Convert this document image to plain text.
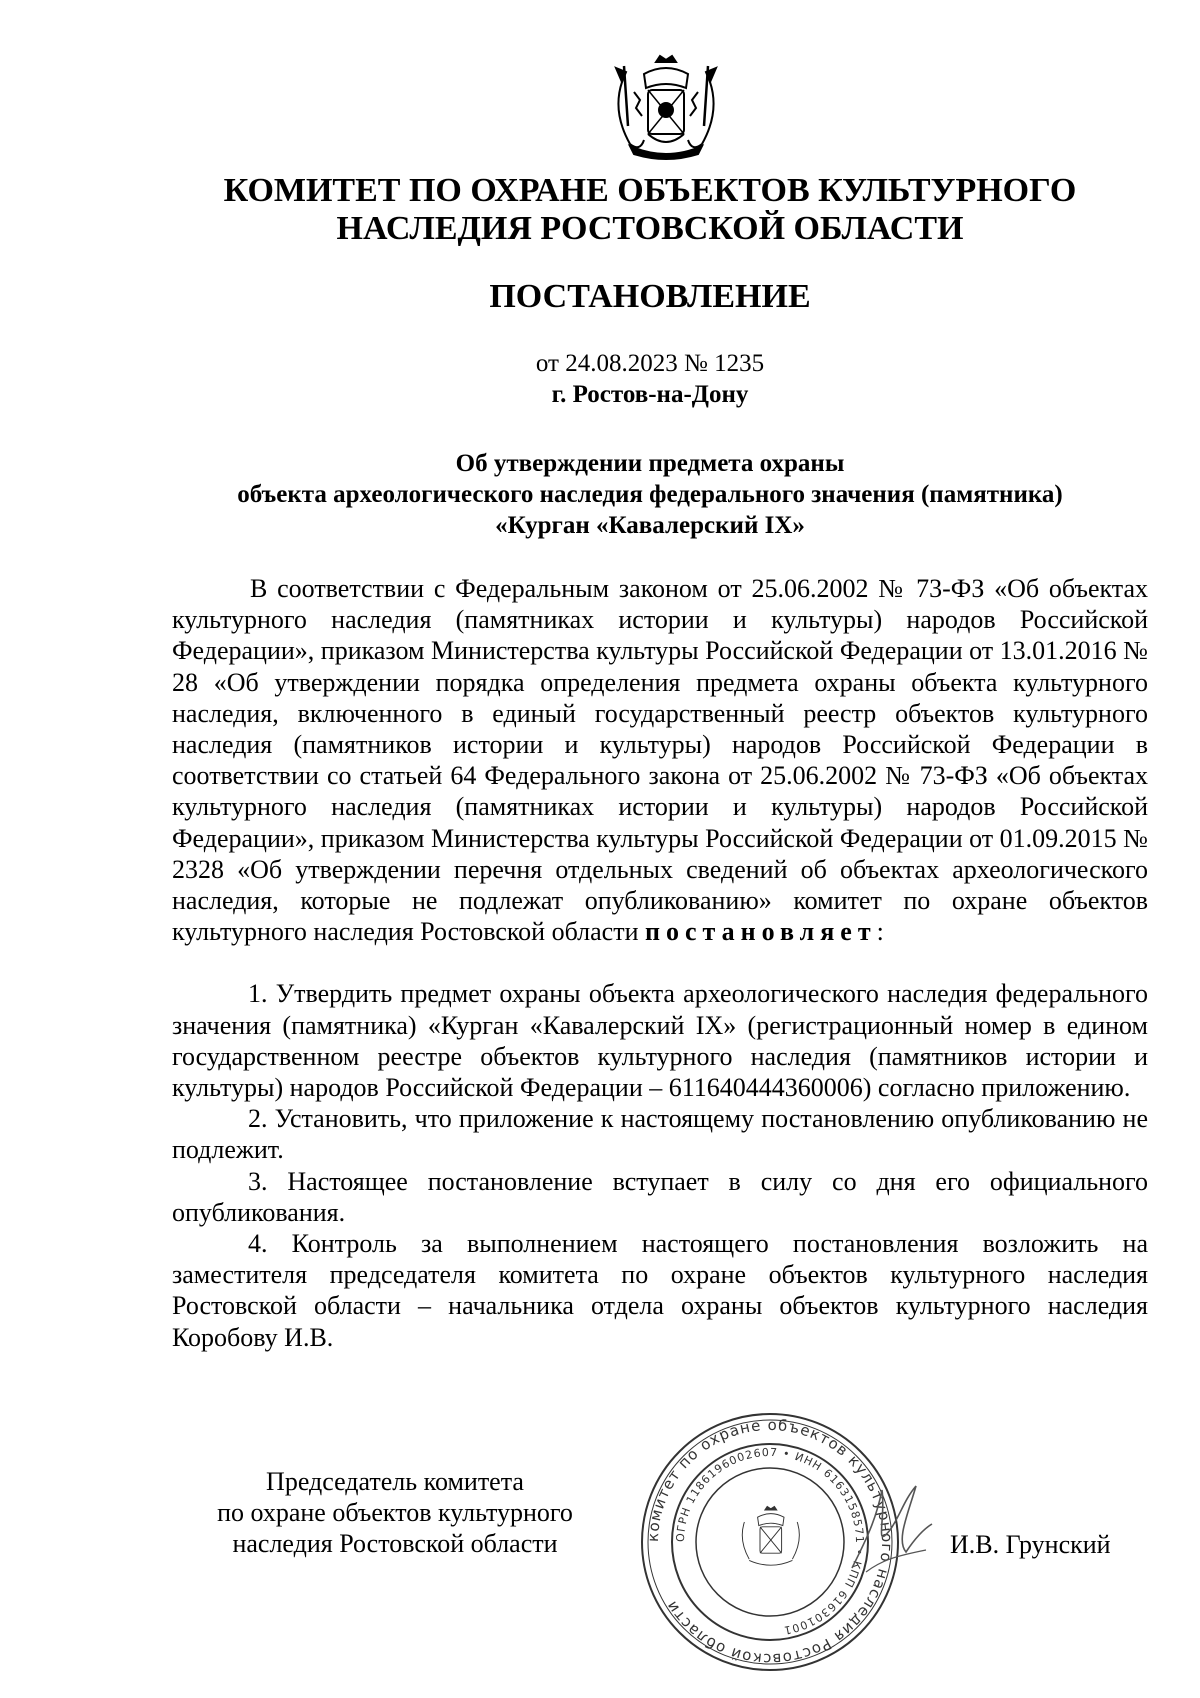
КОМИТЕТ ПО ОХРАНЕ ОБЪЕКТОВ КУЛЬТУРНОГО
НАСЛЕДИЯ РОСТОВСКОЙ ОБЛАСТИ
ПОСТАНОВЛЕНИЕ
от 24.08.2023 № 1235
г. Ростов-на-Дону
Об утверждении предмета охраны
объекта археологического наследия федерального значения (памятника)
«Курган «Кавалерский IX»

В соответствии с Федеральным законом от 25.06.2002 № 73-ФЗ «Об объектах культурного наследия (памятниках истории и культуры) народов Российской Федерации», приказом Министерства культуры Российской Федерации от 13.01.2016 № 28 «Об утверждении порядка определения предмета охраны объекта культурного наследия, включенного в единый государственный реестр объектов культурного наследия (памятников истории и культуры) народов Российской Федерации в соответствии со статьей 64 Федерального закона от 25.06.2002 № 73-ФЗ «Об объектах культурного наследия (памятниках истории и культуры) народов Российской Федерации», приказом Министерства культуры Российской Федерации от 01.09.2015 № 2328 «Об утверждении перечня отдельных сведений об объектах археологического наследия, которые не подлежат опубликованию» комитет по охране объектов культурного наследия Ростовской области постановляет:

1. Утвердить предмет охраны объекта археологического наследия федерального значения (памятника) «Курган «Кавалерский IX» (регистрационный номер в едином государственном реестре объектов культурного наследия (памятников истории и культуры) народов Российской Федерации – 611640444360006) согласно приложению.

2. Установить, что приложение к настоящему постановлению опубликованию не подлежит.

3. Настоящее постановление вступает в силу со дня его официального опубликования.

4. Контроль за выполнением настоящего постановления возложить на заместителя председателя комитета по охране объектов культурного наследия Ростовской области – начальника отдела охраны объектов культурного наследия Коробову И.В.

Председатель комитета
по охране объектов культурного
наследия Ростовской области	комитет по охране объектов культурного наследия Ростовской области
ОГРН 1186196002607 • ИНН 6163158571 • КПП 616301001
И.В. Грунский
